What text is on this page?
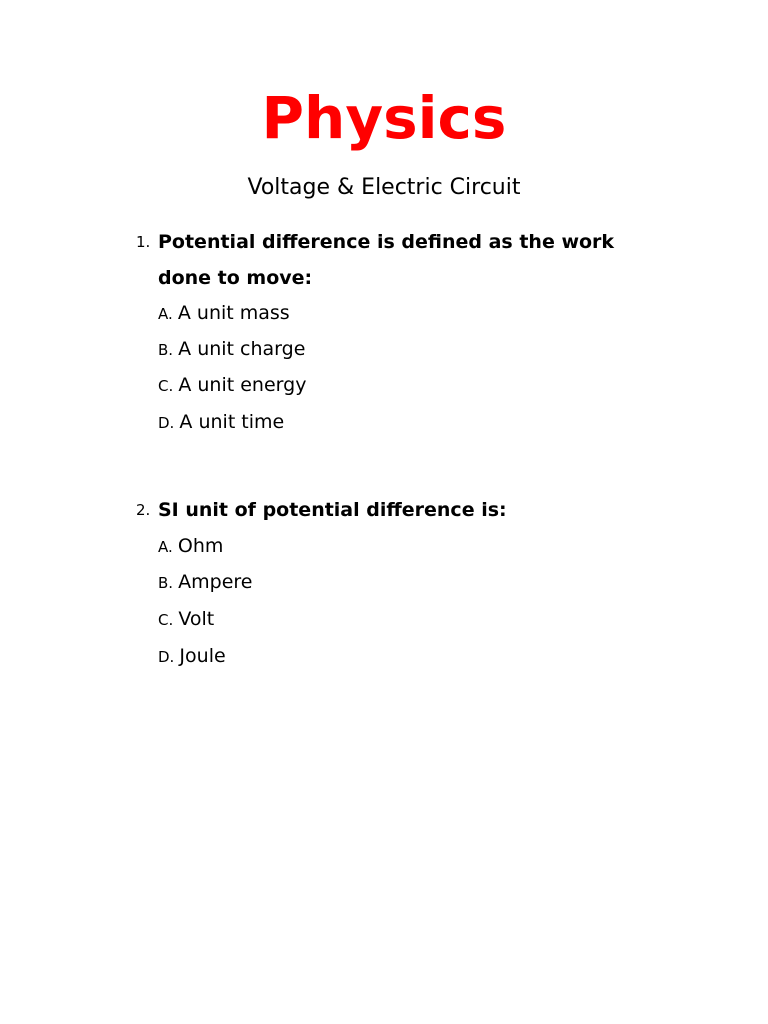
Physics
Voltage & Electric Circuit
1. Potential difference is defined as the work
done to move:
A. A unit mass
B. A unit charge
C. A unit energy
D. A unit time
2. SI unit of potential difference is:
A. Ohm
B. Ampere
C. Volt
D. Joule
